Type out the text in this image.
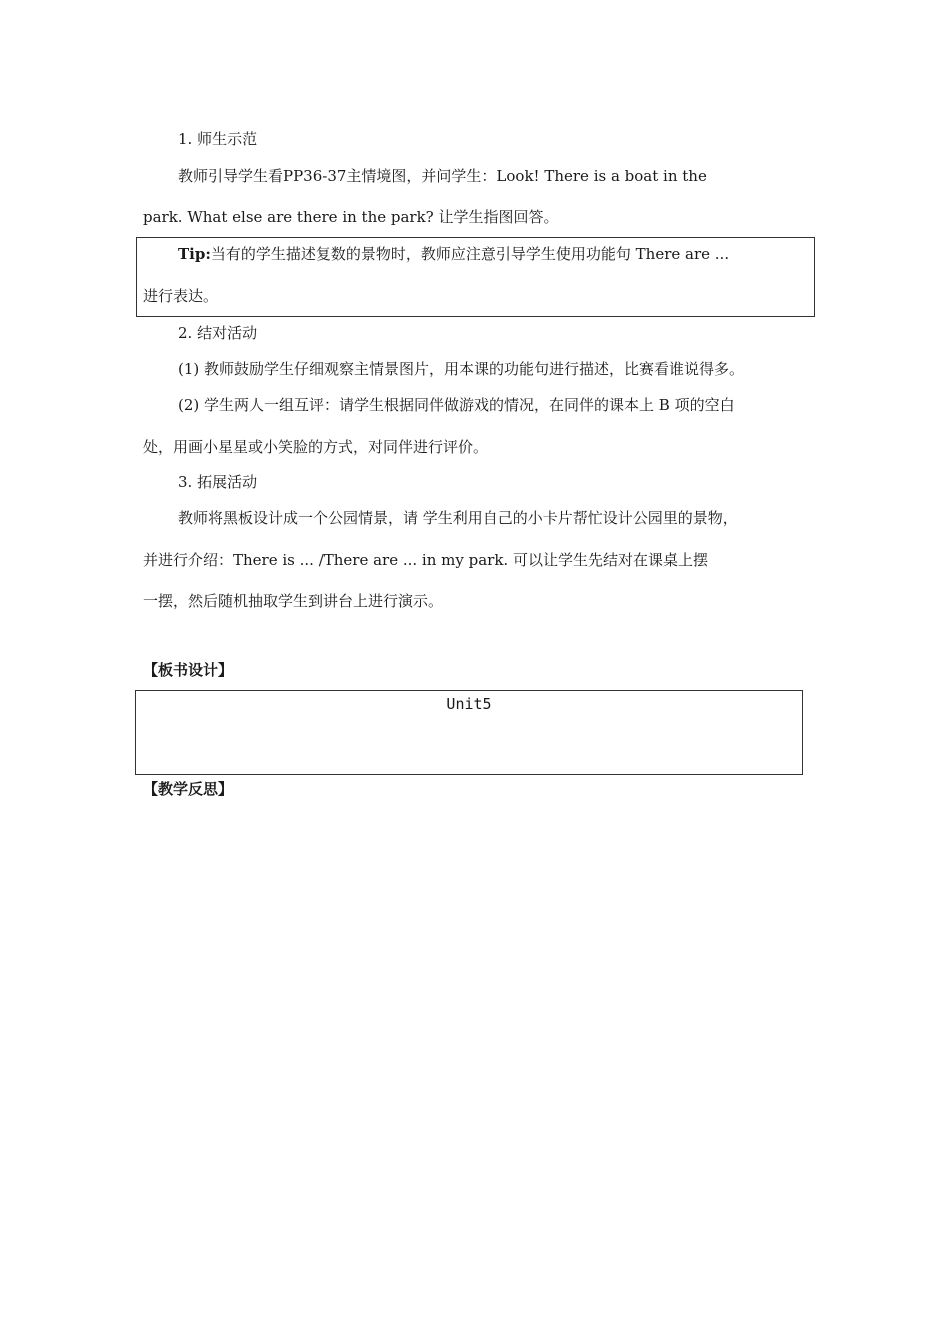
1. 师生示范
教师引导学生看PP36-37主情境图，并问学生：Look! There is a boat in the
park. What else are there in the park? 让学生指图回答。
Tip:当有的学生描述复数的景物时，教师应注意引导学生使用功能句 There are ...
进行表达。
2. 结对活动
(1) 教师鼓励学生仔细观察主情景图片，用本课的功能句进行描述，比赛看谁说得多。
(2) 学生两人一组互评：请学生根据同伴做游戏的情况，在同伴的课本上 B 项的空白
处，用画小星星或小笑脸的方式，对同伴进行评价。
3. 拓展活动
教师将黑板设计成一个公园情景，请 学生利用自己的小卡片帮忙设计公园里的景物，
并进行介绍：There is ... /There are ... in my park. 可以让学生先结对在课桌上摆
一摆，然后随机抽取学生到讲台上进行演示。
【板书设计】
Unit5
【教学反思】
